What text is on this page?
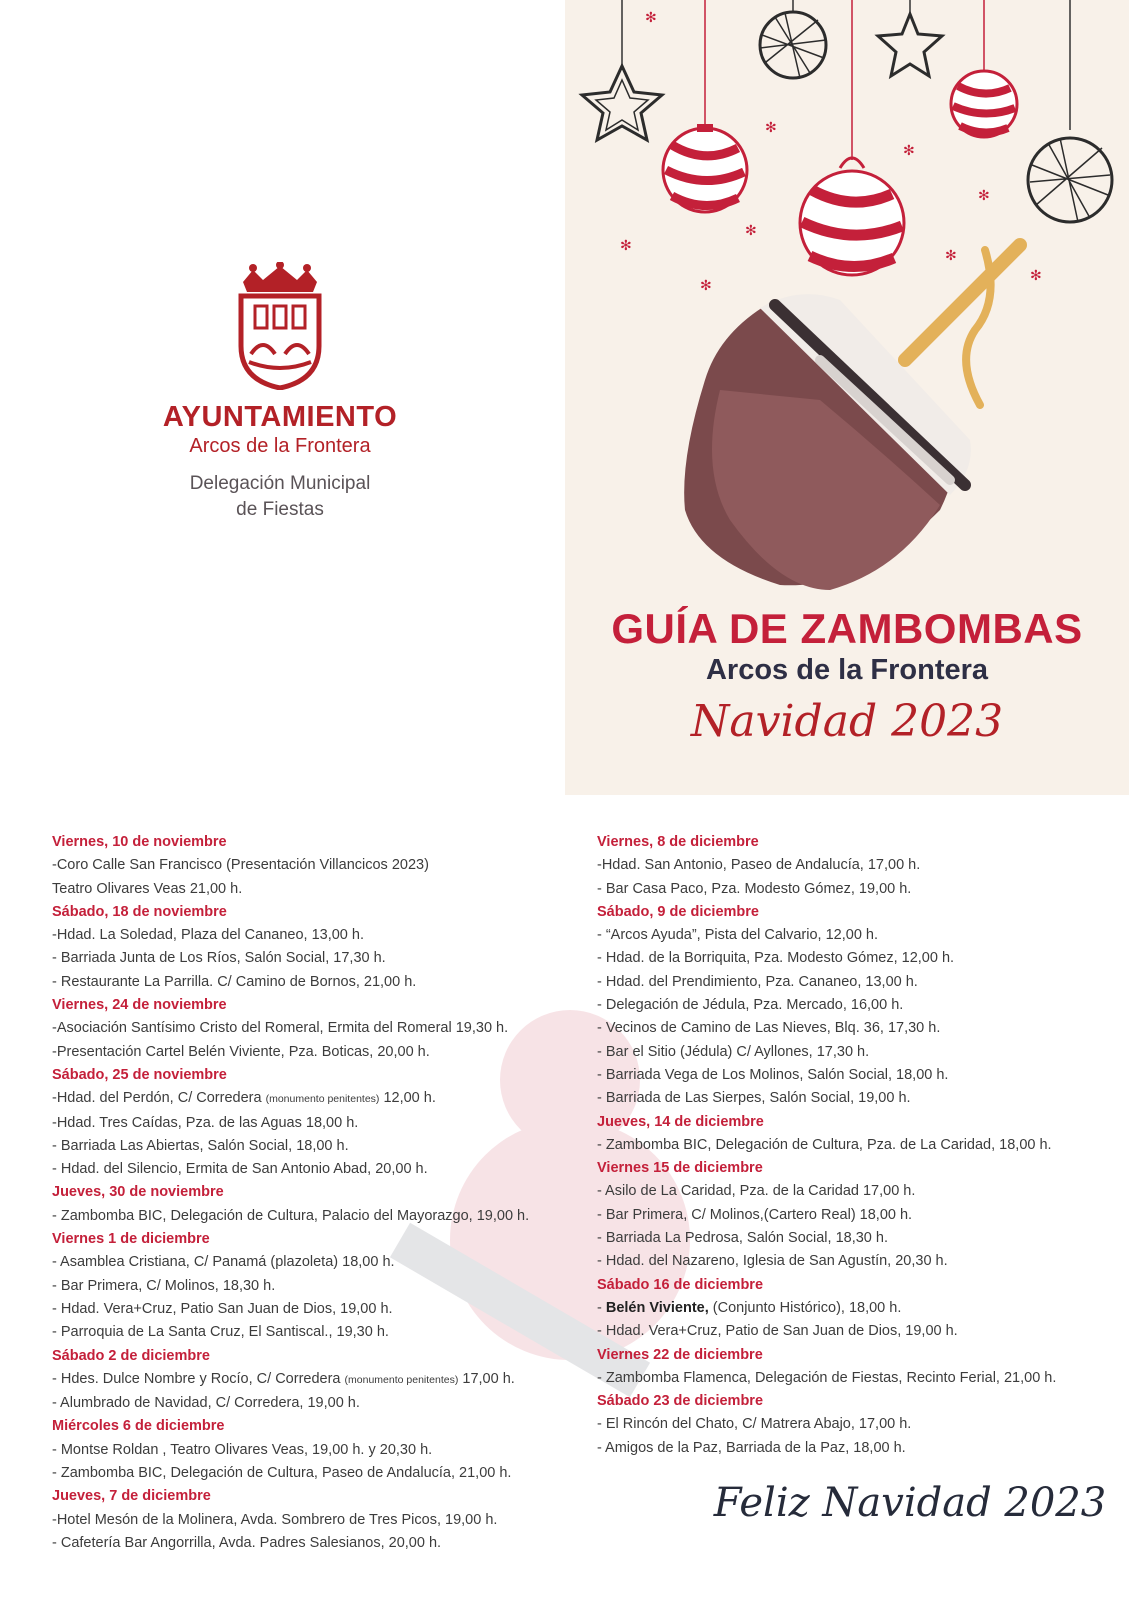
✻
✻
✻
✻
✻
✻
✻
✻
✻
AYUNTAMIENTO
Arcos de la Frontera
Delegación Municipal
de Fiestas
GUÍA DE ZAMBOMBAS
Arcos de la Frontera
Navidad 2023
Viernes, 10 de noviembre
-Coro Calle San Francisco (Presentación Villancicos 2023)
Teatro Olivares Veas 21,00 h.
Sábado, 18 de noviembre
-Hdad. La Soledad, Plaza del Cananeo, 13,00 h.
- Barriada Junta de Los Ríos, Salón Social, 17,30 h.
- Restaurante La Parrilla. C/ Camino de Bornos, 21,00 h.
Viernes, 24 de noviembre
-Asociación Santísimo Cristo del Romeral, Ermita del Romeral 19,30 h.
-Presentación Cartel Belén Viviente, Pza. Boticas, 20,00 h.
Sábado, 25 de noviembre
-Hdad. del Perdón, C/ Corredera (monumento penitentes) 12,00 h.
-Hdad. Tres Caídas, Pza. de las Aguas 18,00 h.
- Barriada Las Abiertas, Salón Social, 18,00 h.
- Hdad. del Silencio, Ermita de San Antonio Abad, 20,00 h.
Jueves, 30 de noviembre
- Zambomba BIC, Delegación de Cultura, Palacio del Mayorazgo, 19,00 h.
Viernes 1 de diciembre
- Asamblea Cristiana, C/ Panamá (plazoleta) 18,00 h.
- Bar Primera, C/ Molinos, 18,30 h.
- Hdad. Vera+Cruz, Patio San Juan de Dios, 19,00 h.
- Parroquia de La Santa Cruz, El Santiscal., 19,30 h.
Sábado 2 de diciembre
- Hdes. Dulce Nombre y Rocío, C/ Corredera (monumento penitentes) 17,00 h.
- Alumbrado de Navidad, C/ Corredera, 19,00 h.
Miércoles 6 de diciembre
- Montse Roldan , Teatro Olivares Veas, 19,00 h. y 20,30 h.
- Zambomba BIC, Delegación de Cultura, Paseo de Andalucía, 21,00 h.
Jueves, 7 de diciembre
-Hotel Mesón de la Molinera, Avda. Sombrero de Tres Picos, 19,00 h.
- Cafetería Bar Angorrilla, Avda. Padres Salesianos, 20,00 h.
Viernes, 8 de diciembre
-Hdad. San Antonio, Paseo de Andalucía, 17,00 h.
- Bar Casa Paco, Pza. Modesto Gómez, 19,00 h.
Sábado, 9 de diciembre
- “Arcos Ayuda”, Pista del Calvario, 12,00 h.
- Hdad. de la Borriquita, Pza. Modesto Gómez, 12,00 h.
- Hdad. del Prendimiento, Pza. Cananeo, 13,00 h.
- Delegación de Jédula, Pza. Mercado, 16,00 h.
- Vecinos de Camino de Las Nieves, Blq. 36, 17,30 h.
- Bar el Sitio (Jédula) C/ Ayllones, 17,30 h.
- Barriada Vega de Los Molinos, Salón Social, 18,00 h.
- Barriada de Las Sierpes, Salón Social, 19,00 h.
Jueves, 14 de diciembre
- Zambomba BIC, Delegación de Cultura, Pza. de La Caridad, 18,00 h.
Viernes 15 de diciembre
- Asilo de La Caridad, Pza. de la Caridad 17,00 h.
- Bar Primera, C/ Molinos,(Cartero Real) 18,00 h.
- Barriada La Pedrosa, Salón Social, 18,30 h.
- Hdad. del Nazareno, Iglesia de San Agustín, 20,30 h.
Sábado 16 de diciembre
- Belén Viviente, (Conjunto Histórico), 18,00 h.
- Hdad. Vera+Cruz, Patio de San Juan de Dios, 19,00 h.
Viernes 22 de diciembre
- Zambomba Flamenca, Delegación de Fiestas, Recinto Ferial, 21,00 h.
Sábado 23 de diciembre
- El Rincón del Chato, C/ Matrera Abajo, 17,00 h.
- Amigos de la Paz, Barriada de la Paz, 18,00 h.
Feliz Navidad 2023
